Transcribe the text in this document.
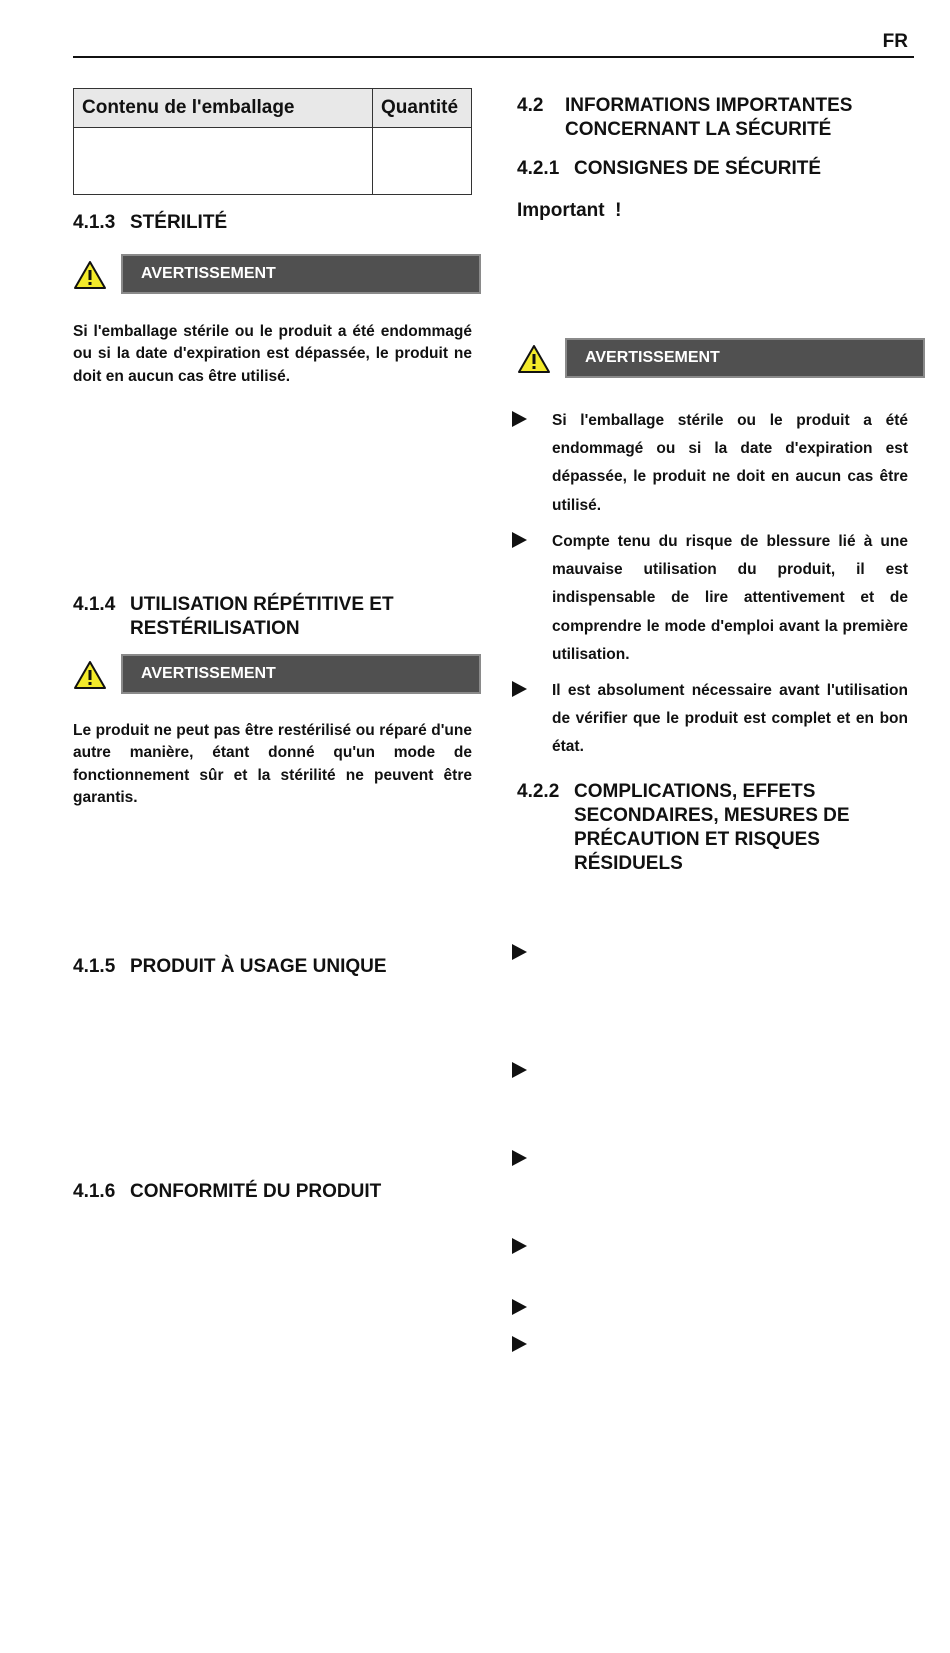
FR
Contenu de l'emballage	Quantité

4.1.3 STÉRILITÉ
AVERTISSEMENT

Si l'emballage stérile ou le produit a été endommagé ou si la date d'expiration est dépassée, le produit ne doit en aucun cas être utilisé.

4.1.4 UTILISATION RÉPÉTITIVE ET RESTÉRILISATION
AVERTISSEMENT

Le produit ne peut pas être restérilisé ou réparé d'une autre manière, étant donné qu'un mode de fonctionnement sûr et la stérilité ne peuvent être garantis.

4.1.5 PRODUIT À USAGE UNIQUE
4.1.6 CONFORMITÉ DU PRODUIT
4.2	INFORMATIONS IMPORTANTES CONCERNANT LA SÉCURITÉ
4.2.1 CONSIGNES DE SÉCURITÉ
Important  !
AVERTISSEMENT
Si l'emballage stérile ou le produit a été endommagé ou si la date d'expiration est dépassée, le produit ne doit en aucun cas être utilisé.
Compte tenu du risque de blessure lié à une mauvaise utilisation du produit, il est indispensable de lire attentivement et de comprendre le mode d'emploi avant la première utilisation.
Il est absolument nécessaire avant l'utilisation de vérifier que le produit est complet et en bon état.
4.2.2 COMPLICATIONS, EFFETS SECONDAIRES, MESURES DE PRÉCAUTION ET RISQUES RÉSIDUELS
